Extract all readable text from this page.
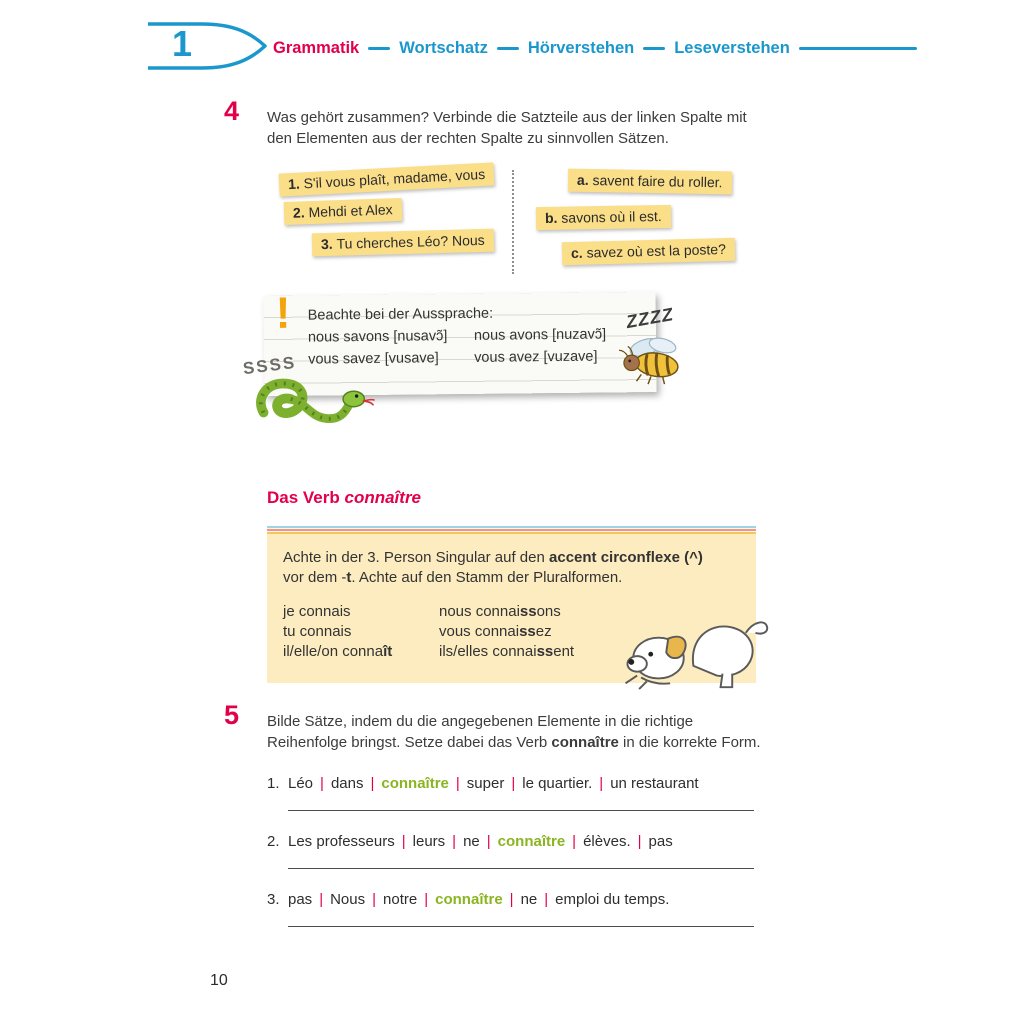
1	Grammatik Wortschatz Hörverstehen Leseverstehen
4 Was gehört zusammen? Verbinde die Satzteile aus der linken Spalte mit den Elementen aus der rechten Spalte zu sinnvollen Sätzen.

1. S'il vous plaît, madame, vous
2. Mehdi et Alex
3. Tu cherches Léo? Nous
a. savent faire du roller.
b. savons où il est.
c. savez où est la poste?
! Beachte bei der Aussprache:
nous savons [nusavɔ̃]	nous avons [nuzavɔ̃]
vous savez [vusave]	vous avez [vuzave]
SSSS
ZZZZ
Das Verb connaître

Achte in der 3. Person Singular auf den accent circonflexe (^) vor dem -t. Achte auf den Stamm der Pluralformen.

je connais	nous connaissons
tu connais	vous connaissez
il/elle/on connaît	ils/elles connaissent
5 Bilde Sätze, indem du die angegebenen Elemente in die richtige Reihenfolge bringst. Setze dabei das Verb connaître in die korrekte Form.

1. Léo | dans | connaître | super | le quartier. | un restaurant
2. Les professeurs | leurs | ne | connaître | élèves. | pas
3. pas | Nous | notre | connaître | ne | emploi du temps.
10
